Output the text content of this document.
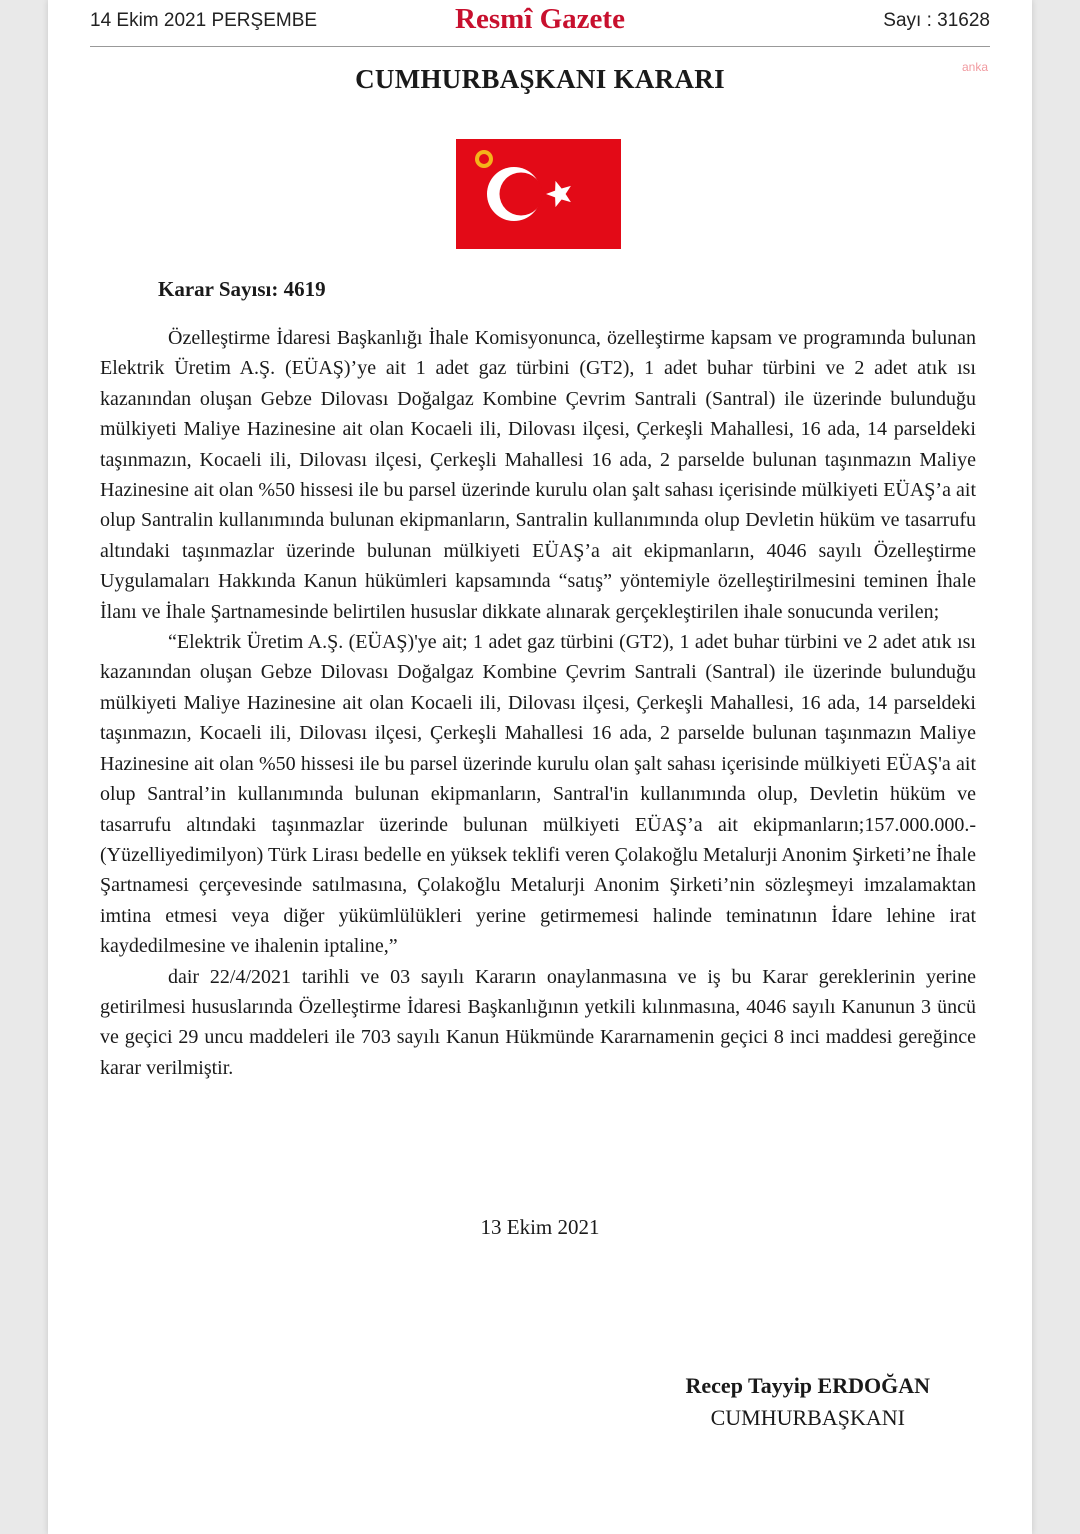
14 Ekim 2021 PERŞEMBE	Resmî Gazete	Sayı : 31628
anka
CUMHURBAŞKANI KARARI
Karar Sayısı: 4619

Özelleştirme İdaresi Başkanlığı İhale Komisyonunca, özelleştirme kapsam ve programında bulunan Elektrik Üretim A.Ş. (EÜAŞ)’ye ait 1 adet gaz türbini (GT2), 1 adet buhar türbini ve 2 adet atık ısı kazanından oluşan Gebze Dilovası Doğalgaz Kombine Çevrim Santrali (Santral) ile üzerinde bulunduğu mülkiyeti Maliye Hazinesine ait olan Kocaeli ili, Dilovası ilçesi, Çerkeşli Mahallesi, 16 ada, 14 parseldeki taşınmazın, Kocaeli ili, Dilovası ilçesi, Çerkeşli Mahallesi 16 ada, 2 parselde bulunan taşınmazın Maliye Hazinesine ait olan %50 hissesi ile bu parsel üzerinde kurulu olan şalt sahası içerisinde mülkiyeti EÜAŞ’a ait olup Santralin kullanımında bulunan ekipmanların, Santralin kullanımında olup Devletin hüküm ve tasarrufu altındaki taşınmazlar üzerinde bulunan mülkiyeti EÜAŞ’a ait ekipmanların, 4046 sayılı Özelleştirme Uygulamaları Hakkında Kanun hükümleri kapsamında “satış” yöntemiyle özelleştirilmesini teminen İhale İlanı ve İhale Şartnamesinde belirtilen hususlar dikkate alınarak gerçekleştirilen ihale sonucunda verilen;

“Elektrik Üretim A.Ş. (EÜAŞ)'ye ait; 1 adet gaz türbini (GT2), 1 adet buhar türbini ve 2 adet atık ısı kazanından oluşan Gebze Dilovası Doğalgaz Kombine Çevrim Santrali (Santral) ile üzerinde bulunduğu mülkiyeti Maliye Hazinesine ait olan Kocaeli ili, Dilovası ilçesi, Çerkeşli Mahallesi, 16 ada, 14 parseldeki taşınmazın, Kocaeli ili, Dilovası ilçesi, Çerkeşli Mahallesi 16 ada, 2 parselde bulunan taşınmazın Maliye Hazinesine ait olan %50 hissesi ile bu parsel üzerinde kurulu olan şalt sahası içerisinde mülkiyeti EÜAŞ'a ait olup Santral’in kullanımında bulunan ekipmanların, Santral'in kullanımında olup, Devletin hüküm ve tasarrufu altındaki taşınmazlar üzerinde bulunan mülkiyeti EÜAŞ’a ait ekipmanların;157.000.000.- (Yüzelliyedimilyon) Türk Lirası bedelle en yüksek teklifi veren Çolakoğlu Metalurji Anonim Şirketi’ne İhale Şartnamesi çerçevesinde satılmasına, Çolakoğlu Metalurji Anonim Şirketi’nin sözleşmeyi imzalamaktan imtina etmesi veya diğer yükümlülükleri yerine getirmemesi halinde teminatının İdare lehine irat kaydedilmesine ve ihalenin iptaline,”

dair 22/4/2021 tarihli ve 03 sayılı Kararın onaylanmasına ve iş bu Karar gereklerinin yerine getirilmesi hususlarında Özelleştirme İdaresi Başkanlığının yetkili kılınmasına, 4046 sayılı Kanunun 3 üncü ve geçici 29 uncu maddeleri ile 703 sayılı Kanun Hükmünde Kararnamenin geçici 8 inci maddesi gereğince karar verilmiştir.

13 Ekim 2021
Recep Tayyip ERDOĞAN
CUMHURBAŞKANI
